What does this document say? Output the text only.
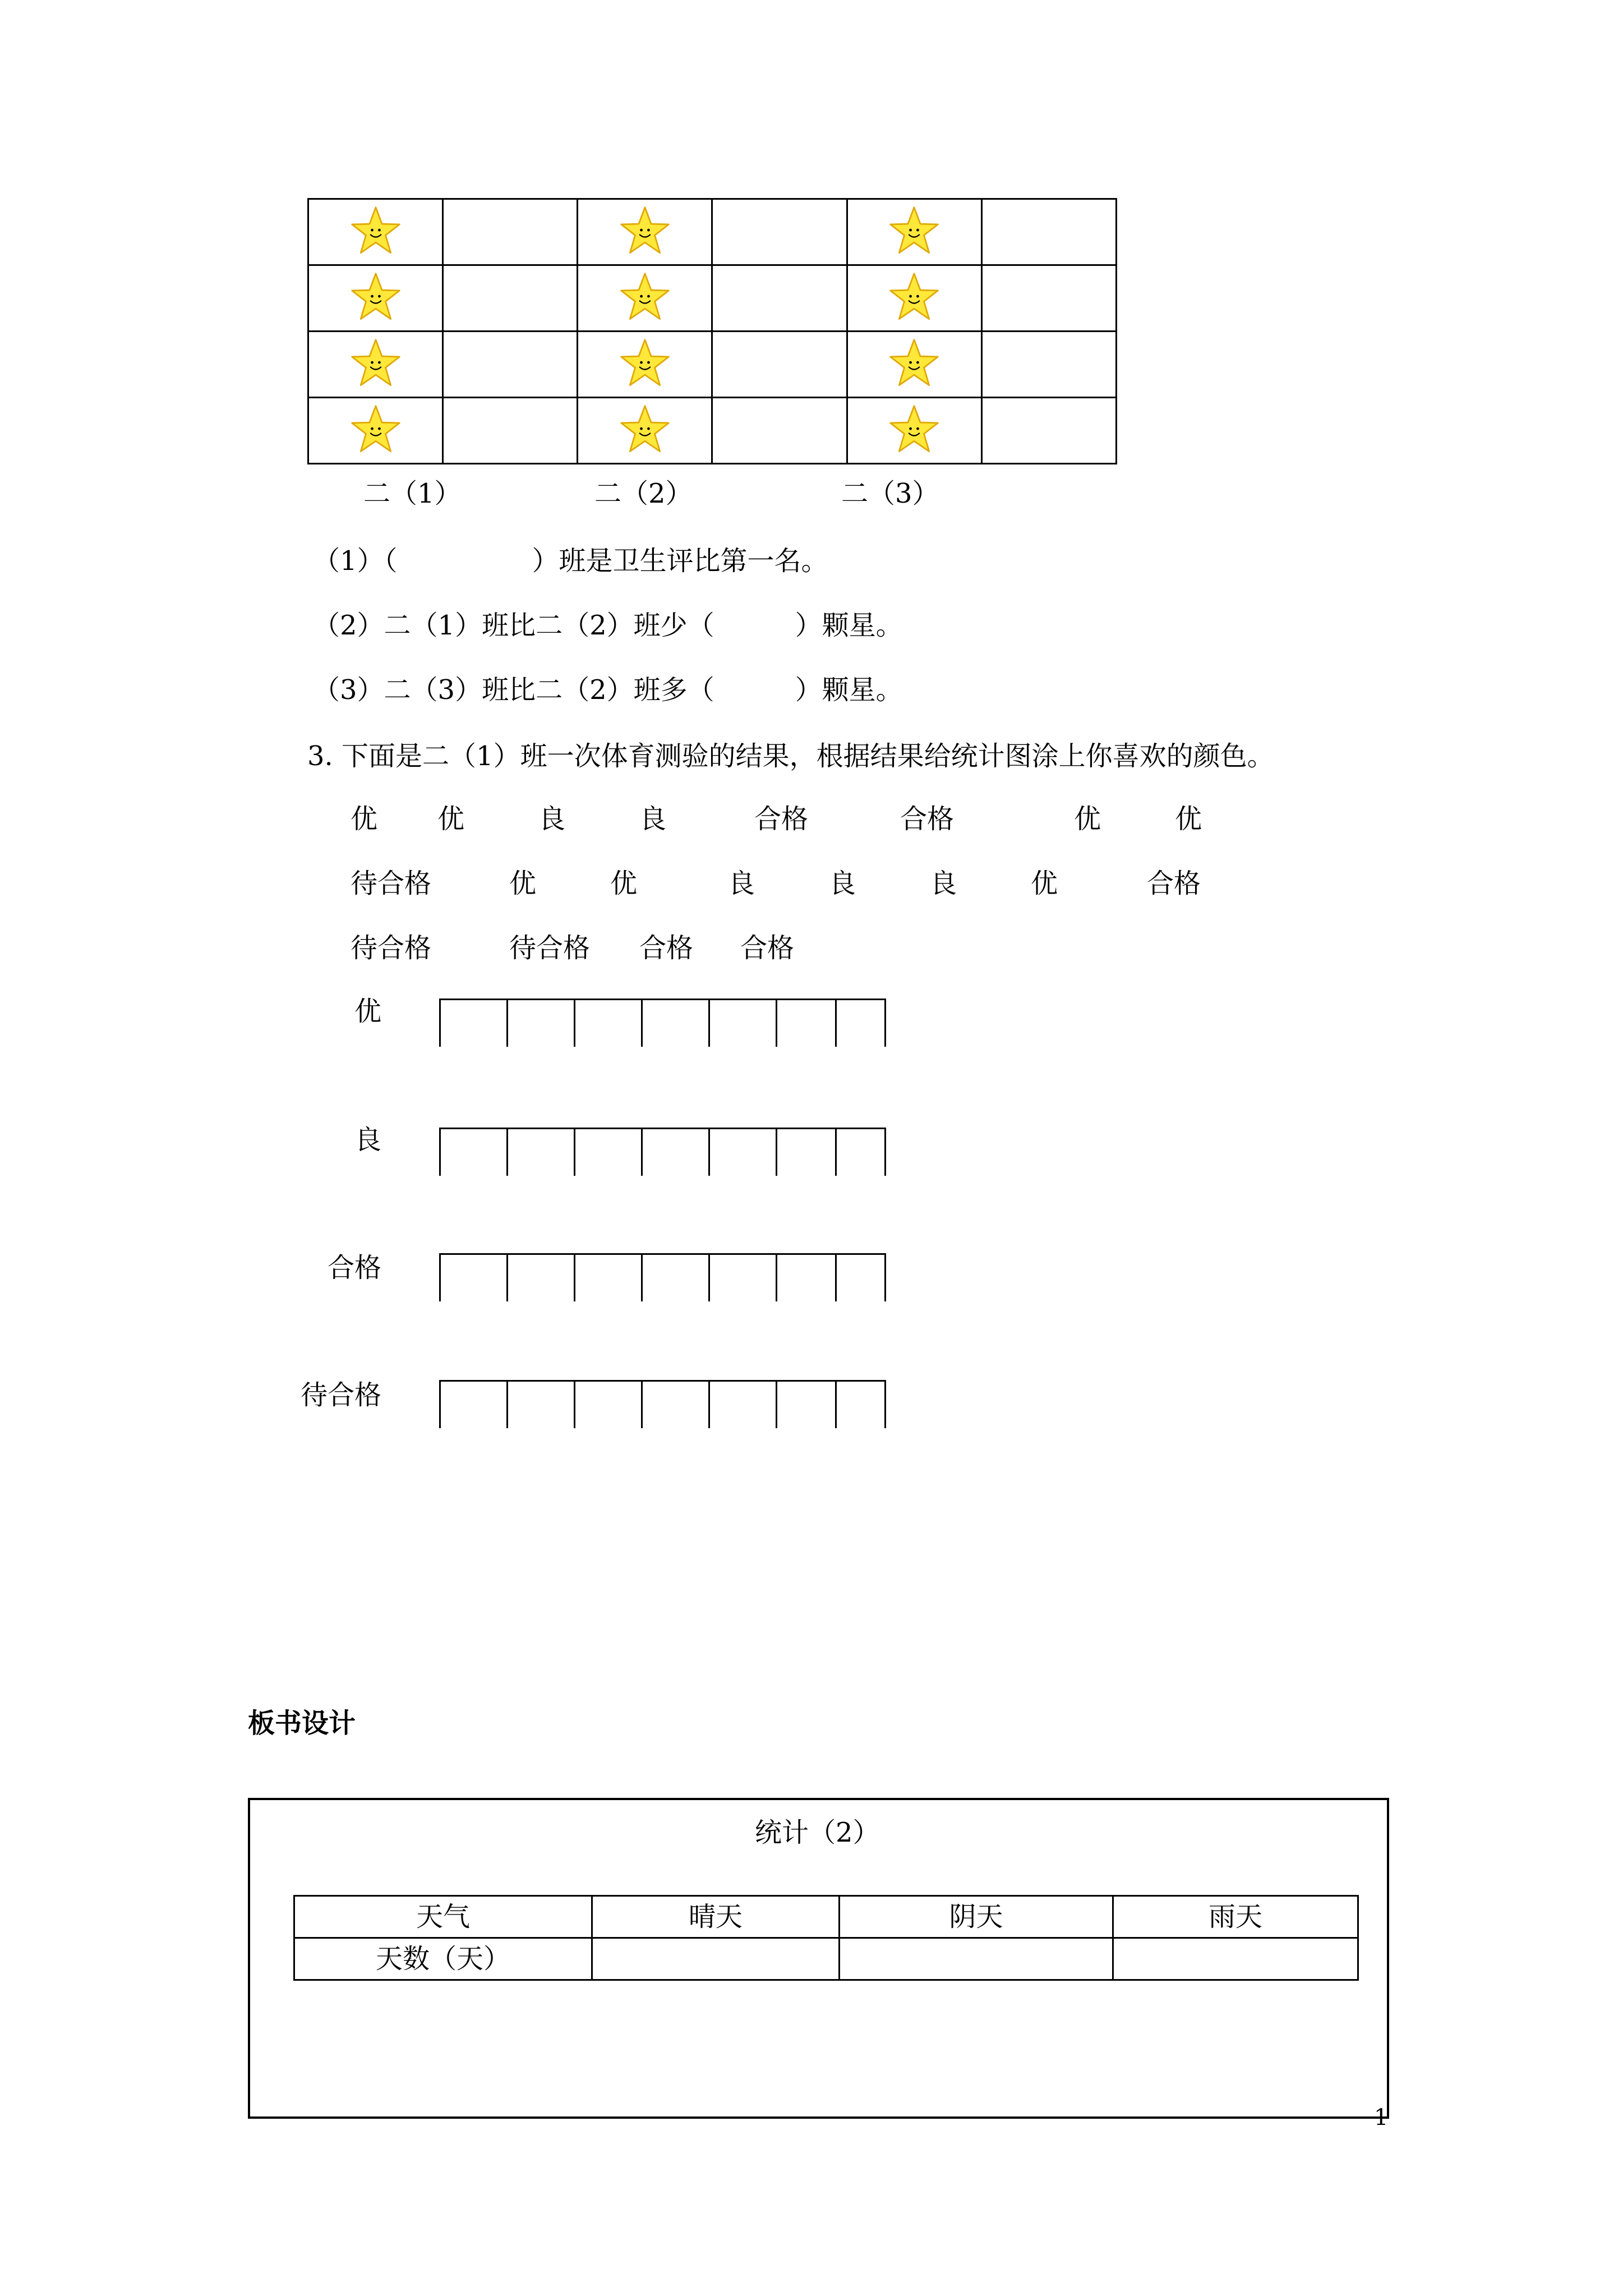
二（1）	二（2）	二（3）
（1）（　　　　　）班是卫生评比第一名。
（2）二（1）班比二（2）班少（　　　）颗星。
（3）二（3）班比二（2）班多（　　　）颗星。
3. 下面是二（1）班一次体育测验的结果，根据结果给统计图涂上你喜欢的颜色。
优 优	良	良	合格	合格	优	优
待合格	优	优	良	良	良	优	合格
待合格	待合格 合格 合格
优
良
合格
待合格
板书设计
统计（2）
天气	晴天	阴天	雨天
天数（天）			
1
